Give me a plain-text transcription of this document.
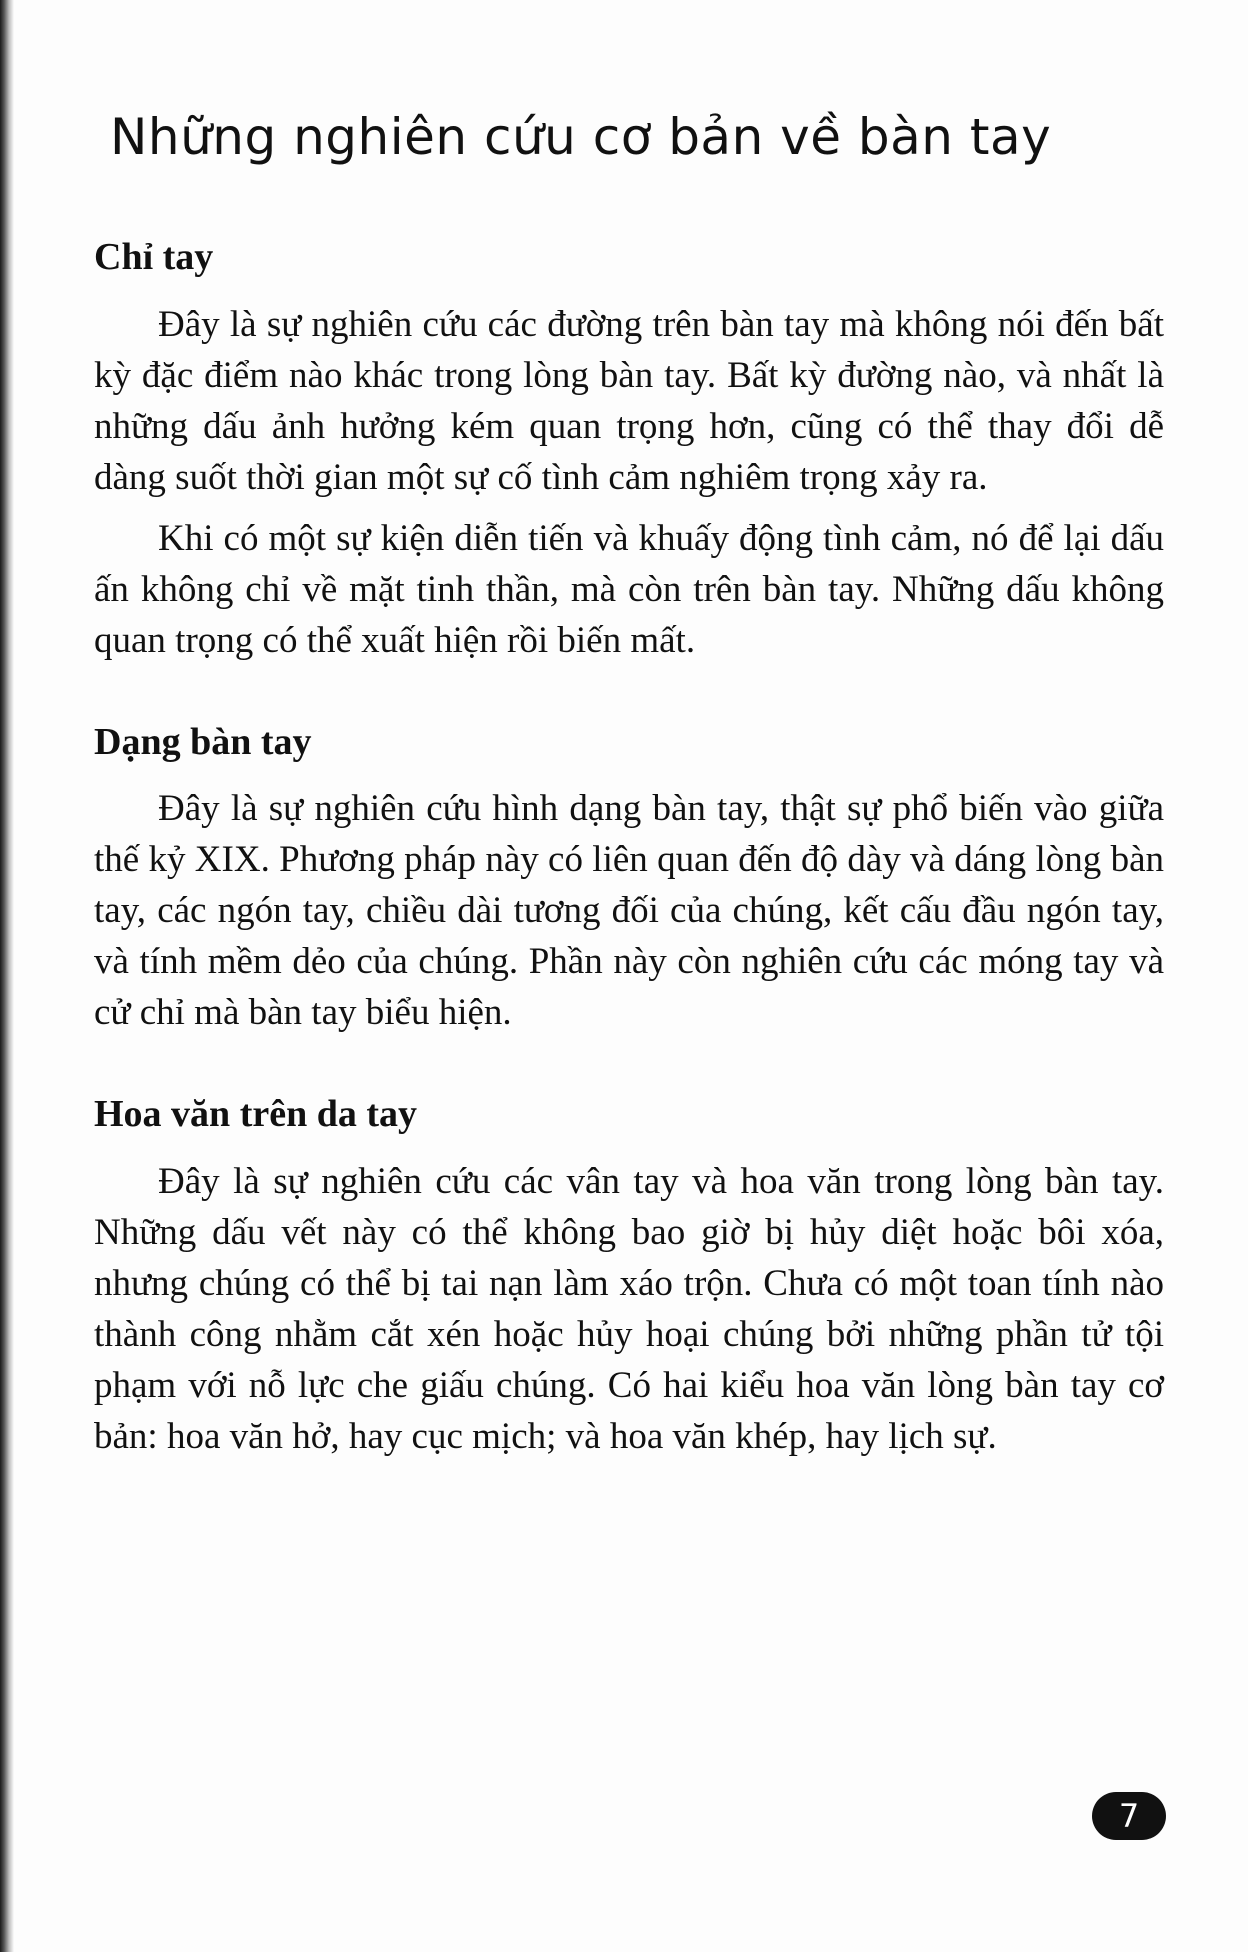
Những nghiên cứu cơ bản về bàn tay
Chỉ tay

Đây là sự nghiên cứu các đường trên bàn tay mà không nói đến bất kỳ đặc điểm nào khác trong lòng bàn tay. Bất kỳ đường nào, và nhất là những dấu ảnh hưởng kém quan trọng hơn, cũng có thể thay đổi dễ dàng suốt thời gian một sự cố tình cảm nghiêm trọng xảy ra.

Khi có một sự kiện diễn tiến và khuấy động tình cảm, nó để lại dấu ấn không chỉ về mặt tinh thần, mà còn trên bàn tay. Những dấu không quan trọng có thể xuất hiện rồi biến mất.

Dạng bàn tay

Đây là sự nghiên cứu hình dạng bàn tay, thật sự phổ biến vào giữa thế kỷ XIX. Phương pháp này có liên quan đến độ dày và dáng lòng bàn tay, các ngón tay, chiều dài tương đối của chúng, kết cấu đầu ngón tay, và tính mềm dẻo của chúng. Phần này còn nghiên cứu các móng tay và cử chỉ mà bàn tay biểu hiện.

Hoa văn trên da tay

Đây là sự nghiên cứu các vân tay và hoa văn trong lòng bàn tay. Những dấu vết này có thể không bao giờ bị hủy diệt hoặc bôi xóa, nhưng chúng có thể bị tai nạn làm xáo trộn. Chưa có một toan tính nào thành công nhằm cắt xén hoặc hủy hoại chúng bởi những phần tử tội phạm với nỗ lực che giấu chúng. Có hai kiểu hoa văn lòng bàn tay cơ bản: hoa văn hở, hay cục mịch; và hoa văn khép, hay lịch sự.

7
